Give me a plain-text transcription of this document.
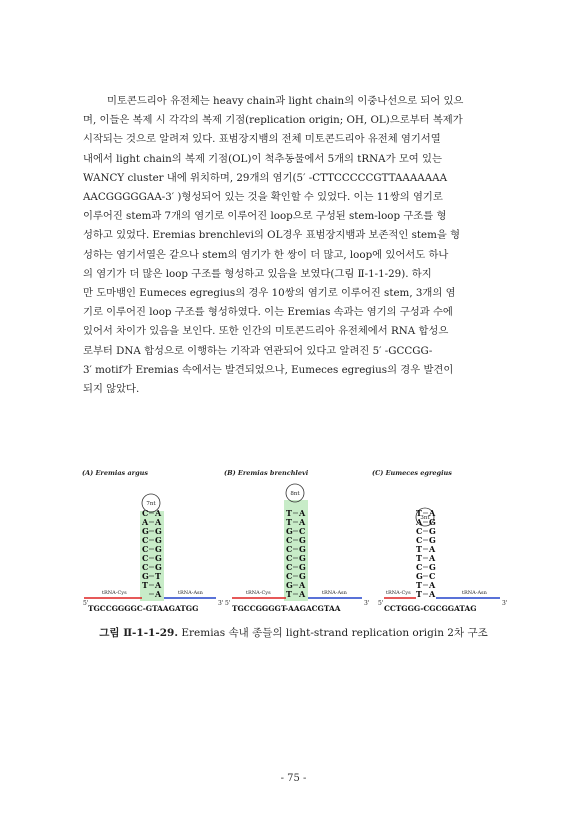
미토콘드리아 유전체는 heavy chain과 light chain의 이중나선으로 되어 있으
며, 이들은 복제 시 각각의 복제 기점(replication origin; OH, OL)으로부터 복제가
시작되는 것으로 알려져 있다. 표범장지뱀의 전체 미토콘드리아 유전체 염기서열
내에서 light chain의 복제 기점(OL)이 척추동물에서 5개의 tRNA가 모여 있는
WANCY cluster 내에 위치하며, 29개의 염기(5′ -CTTCCCCCGTTAAAAAAA
AACGGGGGAA-3′ )형성되어 있는 것을 확인할 수 있었다. 이는 11쌍의 염기로
이루어진 stem과 7개의 염기로 이루어진 loop으로 구성된 stem-loop 구조를 형
성하고 있었다. Eremias brenchlevi의 OL경우 표범장지뱀과 보존적인 stem을 형
성하는 염기서열은 같으나 stem의 염기가 한 쌍이 더 많고, loop에 있어서도 하나
의 염기가 더 많은 loop 구조를 형성하고 있음을 보였다(그림 Ⅱ-1-1-29). 하지
만 도마뱀인 Eumeces egregius의 경우 10쌍의 염기로 이루어진 stem, 3개의 염
기로 이루어진 loop 구조를 형성하였다. 이는 Eremias 속과는 염기의 구성과 수에
있어서 차이가 있음을 보인다. 또한 인간의 미토콘드리아 유전체에서 RNA 합성으
로부터 DNA 합성으로 이행하는 기작과 연관되어 있다고 알려진 5′ -GCCGG-
3′ motif가 Eremias 속에서는 발견되었으나, Eumeces egregius의 경우 발견이
되지 않았다.
(A) Eremias argus	(B) Eremias brenchlevi	(C) Eumeces egregius
7nt
C A
A A
G G
C G
C G
C G
C G
G T
T A
A
tRNA-Cys	tRNA-Asn
5'	3'
TGCCGGGGC-GTAAGATGG
8nt
T A
T A
G C
C G
C G
C G
C G
C G
G A
T A
tRNA-Cys	tRNA-Asn
5'	3'
TGCCGGGGT-AAGACGTAA
3nt
T A
A G
C G
C G
T A
T A
C G
G C
T A
T A
tRNA-Cys	tRNA-Asn
5'	3'
CCTGGG-CGCGGATAG
그림 Ⅱ-1-1-29. Eremias 속내 종들의 light-strand replication origin 2차 구조
- 75 -
